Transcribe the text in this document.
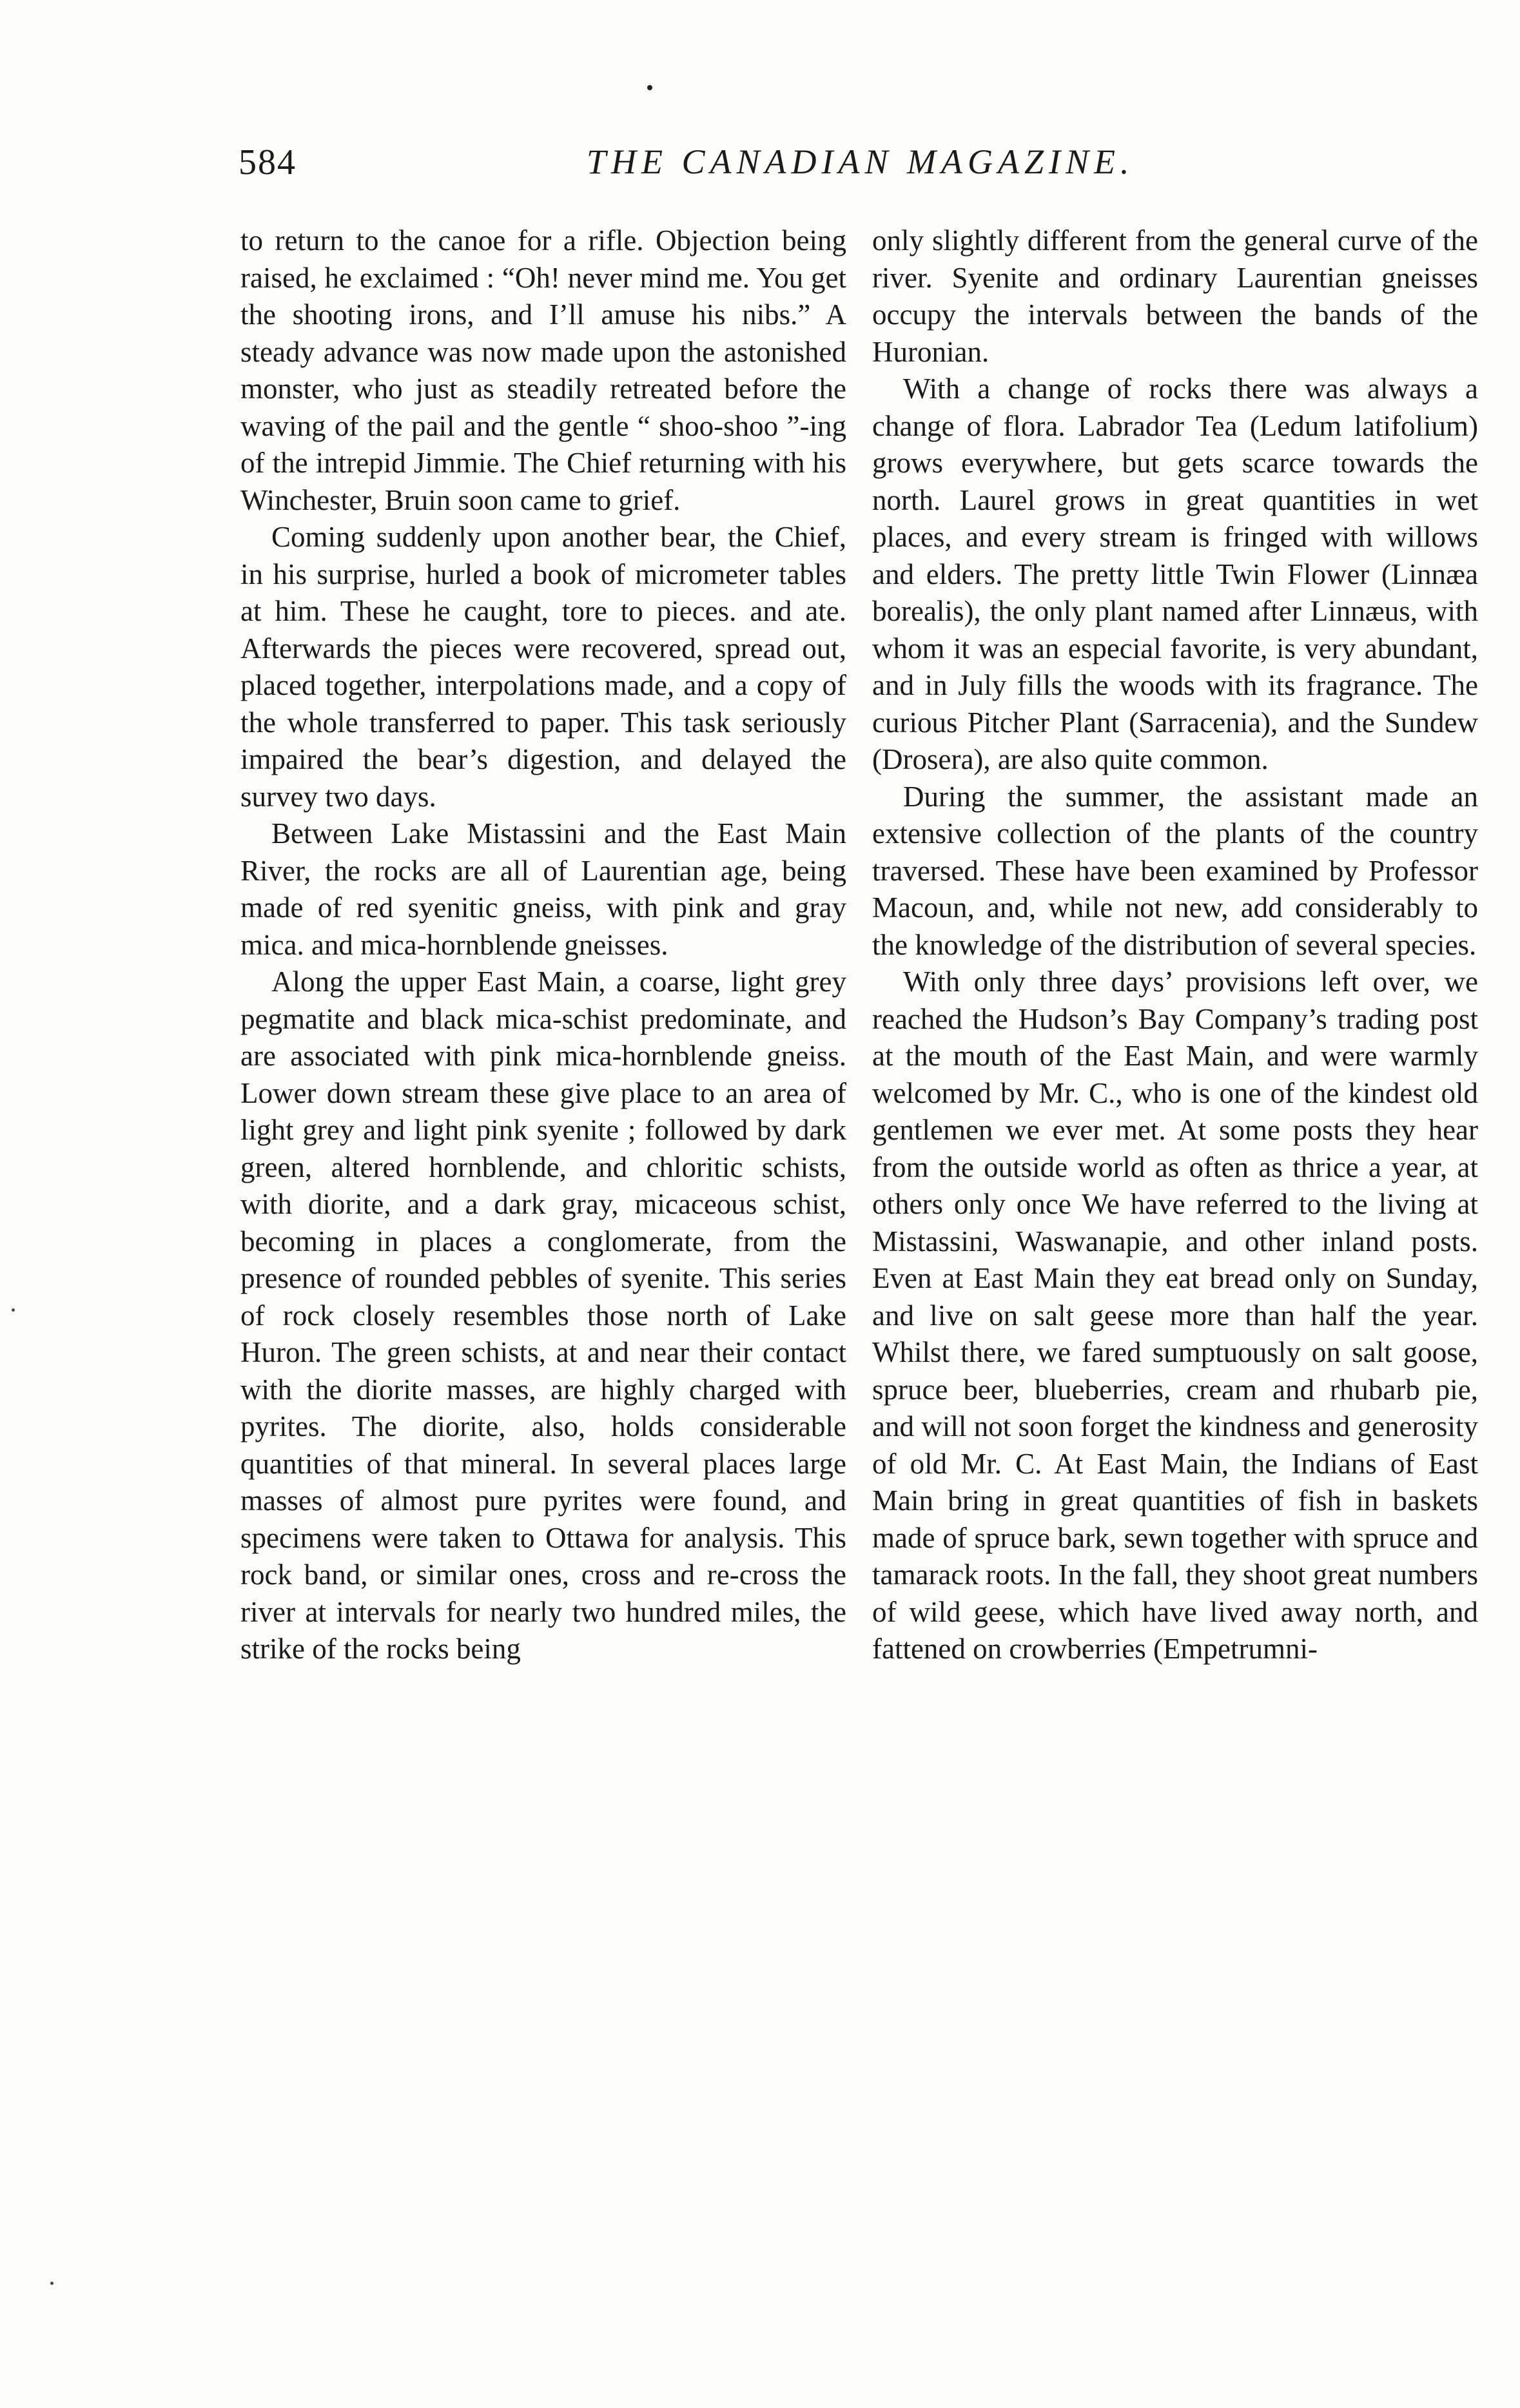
584	THE CANADIAN MAGAZINE.

to return to the canoe for a rifle. Objection being raised, he exclaimed : “Oh! never mind me. You get the shooting irons, and I’ll amuse his nibs.” A steady advance was now made upon the astonished monster, who just as steadily retreated before the waving of the pail and the gentle “ shoo-shoo ”-ing of the intrepid Jimmie. The Chief returning with his Winchester, Bruin soon came to grief.

Coming suddenly upon another bear, the Chief, in his surprise, hurled a book of micrometer tables at him. These he caught, tore to pieces. and ate. Afterwards the pieces were recovered, spread out, placed together, interpolations made, and a copy of the whole transferred to paper. This task seriously impaired the bear’s digestion, and delayed the survey two days.

Between Lake Mistassini and the East Main River, the rocks are all of Laurentian age, being made of red syenitic gneiss, with pink and gray mica. and mica-hornblende gneisses.

Along the upper East Main, a coarse, light grey pegmatite and black mica-schist predominate, and are associated with pink mica-hornblende gneiss. Lower down stream these give place to an area of light grey and light pink syenite ; followed by dark green, altered hornblende, and chloritic schists, with diorite, and a dark gray, micaceous schist, becoming in places a conglomerate, from the presence of rounded pebbles of syenite. This series of rock closely resembles those north of Lake Huron. The green schists, at and near their contact with the diorite masses, are highly charged with pyrites. The diorite, also, holds considerable quantities of that mineral. In several places large masses of almost pure pyrites were found, and specimens were taken to Ottawa for analysis. This rock band, or similar ones, cross and re-cross the river at intervals for nearly two hundred miles, the strike of the rocks being

only slightly different from the general curve of the river. Syenite and ordinary Laurentian gneisses occupy the intervals between the bands of the Huronian.

With a change of rocks there was always a change of flora. Labrador Tea (Ledum latifolium) grows everywhere, but gets scarce towards the north. Laurel grows in great quantities in wet places, and every stream is fringed with willows and elders. The pretty little Twin Flower (Linnæa borealis), the only plant named after Linnæus, with whom it was an especial favorite, is very abundant, and in July fills the woods with its fragrance. The curious Pitcher Plant (Sarracenia), and the Sundew (Drosera), are also quite common.

During the summer, the assistant made an extensive collection of the plants of the country traversed. These have been examined by Professor Macoun, and, while not new, add considerably to the knowledge of the distribution of several species.

With only three days’ provisions left over, we reached the Hudson’s Bay Company’s trading post at the mouth of the East Main, and were warmly welcomed by Mr. C., who is one of the kindest old gentlemen we ever met. At some posts they hear from the outside world as often as thrice a year, at others only once We have referred to the living at Mistassini, Waswanapie, and other inland posts. Even at East Main they eat bread only on Sunday, and live on salt geese more than half the year. Whilst there, we fared sumptuously on salt goose, spruce beer, blueberries, cream and rhubarb pie, and will not soon forget the kindness and generosity of old Mr. C. At East Main, the Indians of East Main bring in great quantities of fish in baskets made of spruce bark, sewn together with spruce and tamarack roots. In the fall, they shoot great numbers of wild geese, which have lived away north, and fattened on crowberries (Empetrumni-
